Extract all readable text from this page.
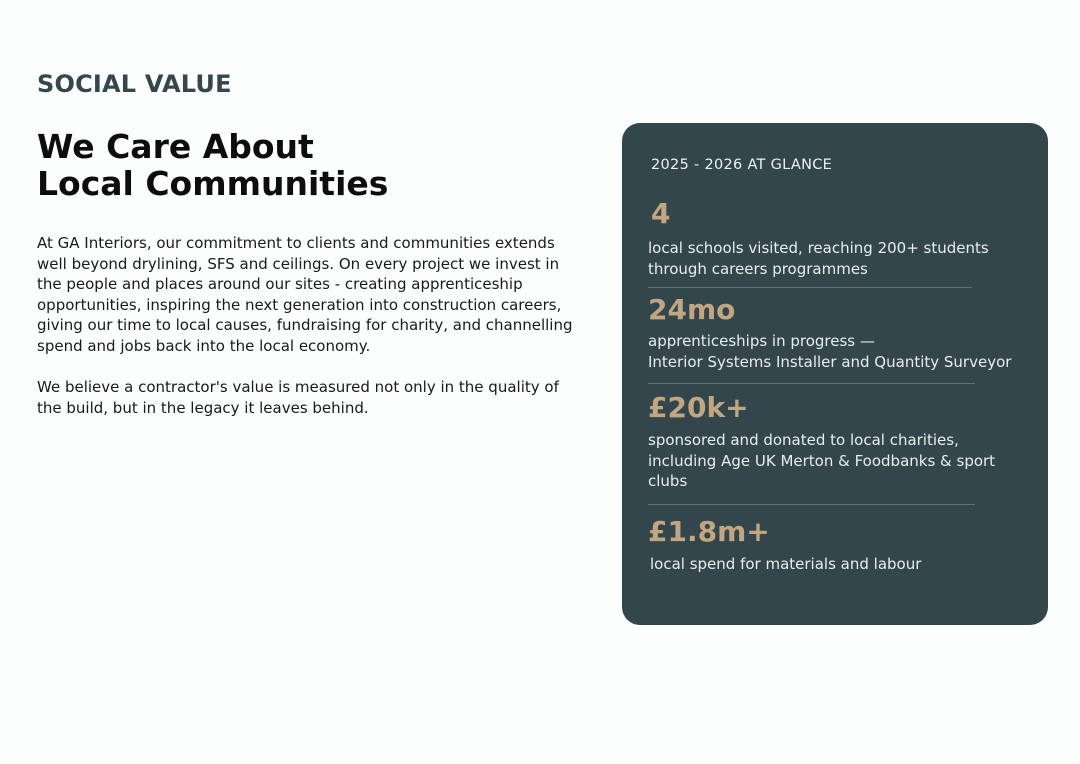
SOCIAL VALUE
We Care About
Local Communities

At GA Interiors, our commitment to clients and communities extends
well beyond drylining, SFS and ceilings. On every project we invest in
the people and places around our sites - creating apprenticeship
opportunities, inspiring the next generation into construction careers,
giving our time to local causes, fundraising for charity, and channelling
spend and jobs back into the local economy.

We believe a contractor's value is measured not only in the quality of
the build, but in the legacy it leaves behind.

2025 - 2026 AT GLANCE
4
local schools visited, reaching 200+ students
through careers programmes
24mo
apprenticeships in progress —
Interior Systems Installer and Quantity Surveyor
£20k+
sponsored and donated to local charities,
including Age UK Merton & Foodbanks & sport
clubs
£1.8m+
local spend for materials and labour
